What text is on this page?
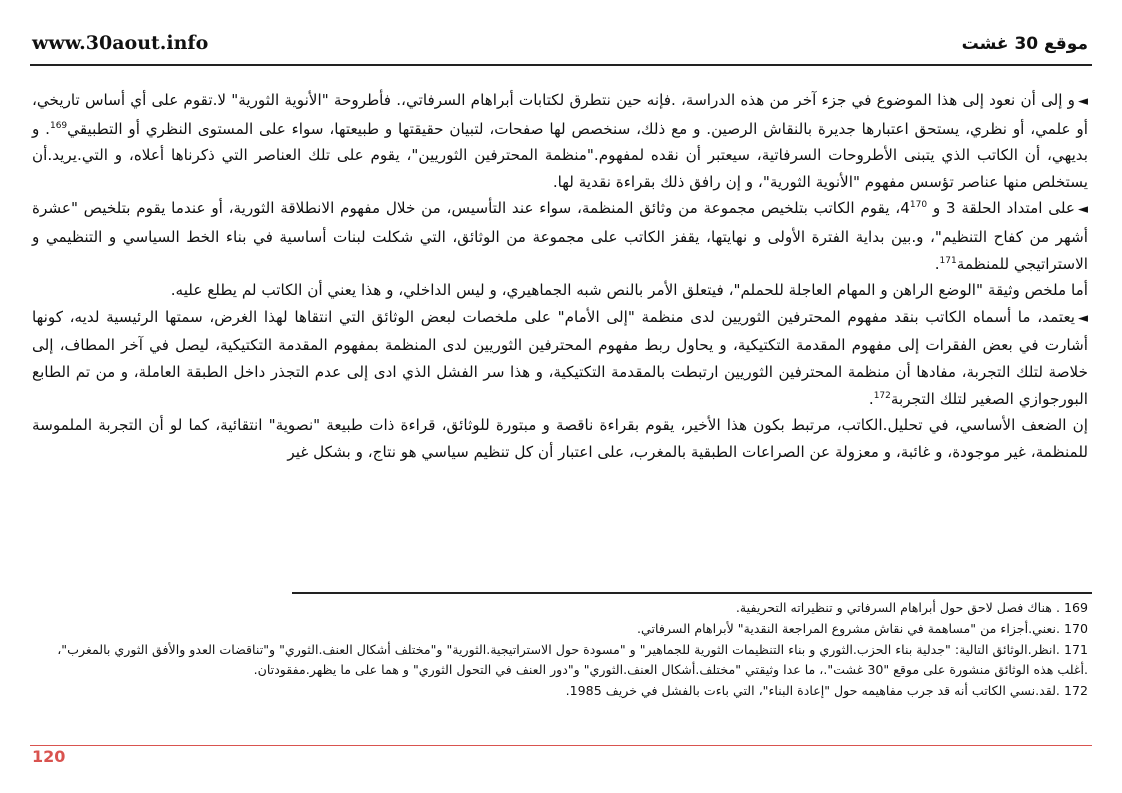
www.30aout.info	موقع 30 غشت

◄و إلى أن نعود إلى هذا الموضوع في جزء آخر من هذه الدراسة، .فإنه حين نتطرق لكتابات أبراهام السرفاتي،. فأطروحة "الأنوية الثورية" لا.تقوم على أي أساس تاريخي، أو علمي، أو نظري، يستحق اعتبارها جديرة بالنقاش الرصين. و مع ذلك، سنخصص لها صفحات، لتبيان حقيقتها و طبيعتها، سواء على المستوى النظري أو التطبيقي$^{169}$. و بديهي، أن الكاتب الذي يتبنى الأطروحات السرفاتية، سيعتبر أن نقده لمفهوم."منظمة المحترفين الثوريين"، يقوم على تلك العناصر التي ذكرناها أعلاه، و التي.يريد.أن يستخلص منها عناصر تؤسس مفهوم "الأنوية الثورية"، و إن رافق ذلك بقراءة نقدية لها.

◄على امتداد الحلقة 3 و $4^{170}،$ يقوم الكاتب بتلخيص مجموعة من وثائق المنظمة، سواء عند التأسيس، من خلال مفهوم الانطلاقة الثورية، أو عندما يقوم بتلخيص "عشرة أشهر من كفاح التنظيم"، و.بين بداية الفترة الأولى و نهايتها، يقفز الكاتب على مجموعة من الوثائق، التي شكلت لبنات أساسية في بناء الخط السياسي و التنظيمي و الاستراتيجي للمنظمة$^{171}$.

أما ملخص وثيقة "الوضع الراهن و المهام العاجلة للحملم"، فيتعلق الأمر بالنص شبه الجماهيري، و ليس الداخلي، و هذا يعني أن الكاتب لم يطلع عليه.

◄يعتمد، ما أسماه الكاتب بنقد مفهوم المحترفين الثوريين لدى منظمة "إلى الأمام" على ملخصات لبعض الوثائق التي انتقاها لهذا الغرض، سمتها الرئيسية لديه، كونها أشارت في بعض الفقرات إلى مفهوم المقدمة التكتيكية، و يحاول ربط مفهوم المحترفين الثوريين لدى المنظمة بمفهوم المقدمة التكتيكية، ليصل في آخر المطاف، إلى خلاصة لتلك التجربة، مفادها أن منظمة المحترفين الثوريين ارتبطت بالمقدمة التكتيكية، و هذا سر الفشل الذي ادى إلى عدم التجذر داخل الطبقة العاملة، و من تم الطابع البورجوازي الصغير لتلك التجربة$^{172}$.

إن الضعف الأساسي، في تحليل.الكاتب، مرتبط بكون هذا الأخير، يقوم بقراءة ناقصة و مبتورة للوثائق، قراءة ذات طبيعة "نصوية" انتقائية، كما لو أن التجربة الملموسة للمنظمة، غير موجودة، و غائبة، و معزولة عن الصراعات الطبقية بالمغرب، على اعتبار أن كل تنظيم سياسي هو نتاج، و بشكل غير

169 . هناك فصل لاحق حول أبراهام السرفاتي و تنظيراته التحريفية.

170 .نعني.أجزاء من "مساهمة في نقاش مشروع المراجعة النقدية" لأبراهام السرفاتي.

171 .انظر.الوثائق التالية: "جدلية بناء الحزب.الثوري و بناء التنظيمات الثورية للجماهير" و "مسودة حول الاستراتيجية.الثورية" و"مختلف أشكال العنف.الثوري" و"تناقضات العدو والأفق الثوري بالمغرب"، .أغلب هذه الوثائق منشورة على موقع "30 غشت".، ما عدا وثيقتي "مختلف.أشكال العنف.الثوري" و"دور العنف في التحول الثوري" و هما على ما يظهر.مفقودتان.

172 .لقد.نسي الكاتب أنه قد جرب مفاهيمه حول "إعادة البناء"، التي باءت بالفشل في خريف 1985.

120
